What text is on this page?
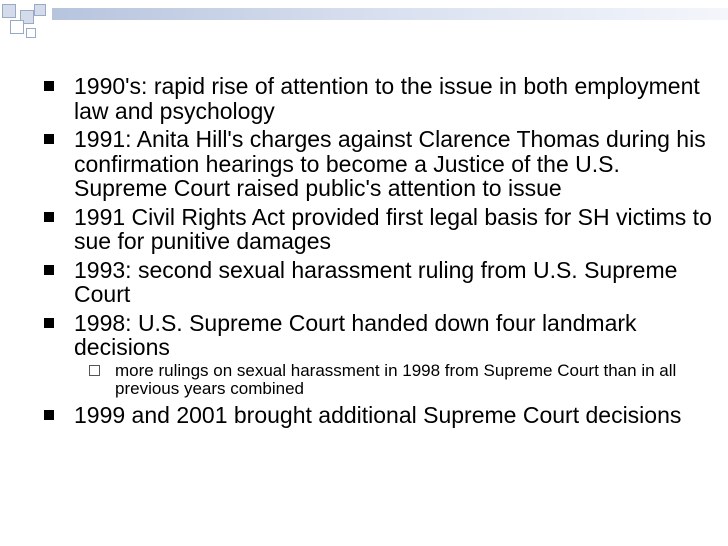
1990's: rapid rise of attention to the issue in both employment law and psychology
1991: Anita Hill's charges against Clarence Thomas during his confirmation hearings to become a Justice of the U.S. Supreme Court raised public's attention to issue
1991 Civil Rights Act provided first legal basis for SH victims to sue for punitive damages
1993: second sexual harassment ruling from U.S. Supreme Court
1998: U.S. Supreme Court handed down four landmark decisions
more rulings on sexual harassment in 1998 from Supreme Court than in all previous years combined
1999 and 2001 brought additional Supreme Court decisions
